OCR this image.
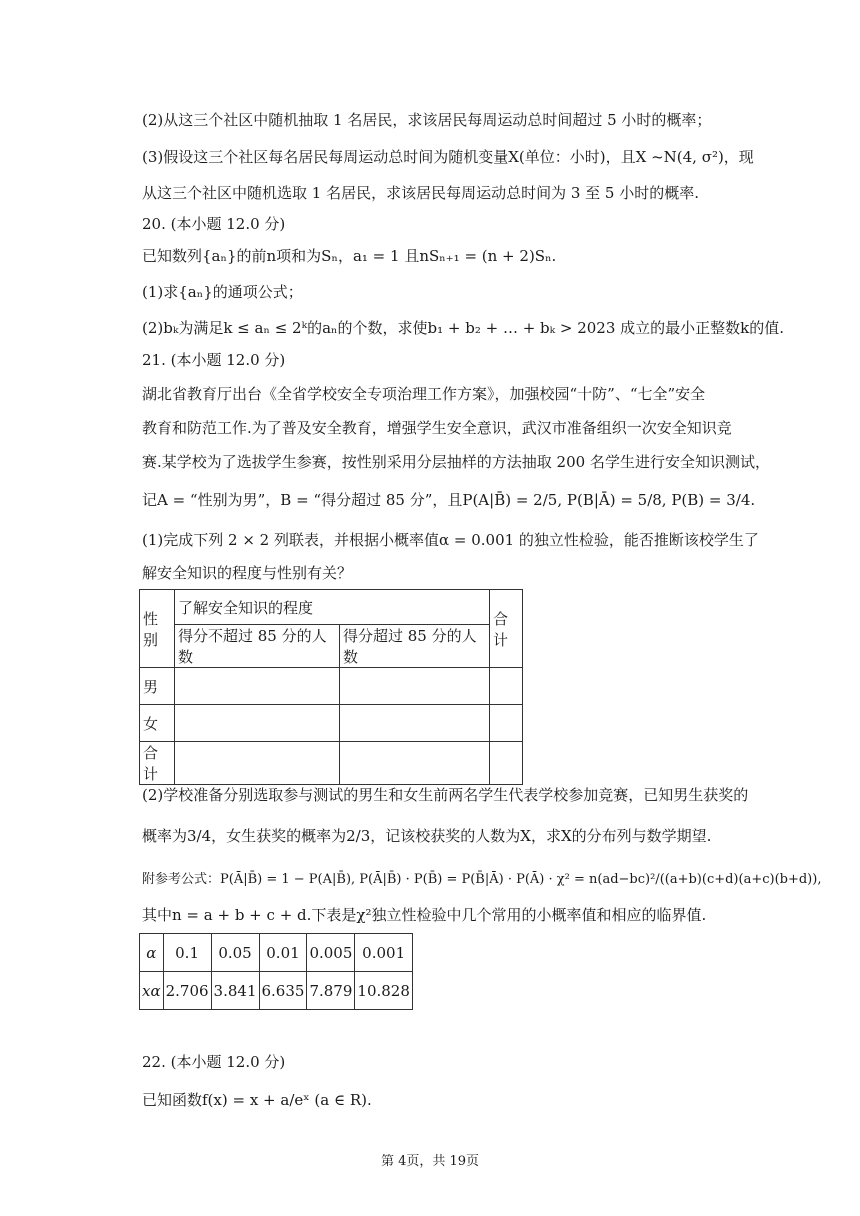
(2)从这三个社区中随机抽取 1 名居民，求该居民每周运动总时间超过 5 小时的概率；
(3)假设这三个社区每名居民每周运动总时间为随机变量X(单位：小时)，且X ~N(4, σ²)，现
从这三个社区中随机选取 1 名居民，求该居民每周运动总时间为 3 至 5 小时的概率.
20. (本小题 12.0 分)
已知数列{aₙ}的前n项和为Sₙ，a₁ = 1 且nSₙ₊₁ = (n + 2)Sₙ.
(1)求{aₙ}的通项公式；
(2)bₖ为满足k ≤ aₙ ≤ 2ᵏ的aₙ的个数，求使b₁ + b₂ + … + bₖ > 2023 成立的最小正整数k的值.
21. (本小题 12.0 分)
湖北省教育厅出台《全省学校安全专项治理工作方案》，加强校园“十防”、“七全”安全
教育和防范工作.为了普及安全教育，增强学生安全意识，武汉市准备组织一次安全知识竞
赛.某学校为了选拔学生参赛，按性别采用分层抽样的方法抽取 200 名学生进行安全知识测试，
记A = “性别为男”，B = “得分超过 85 分”，且P(A|B̄) = 2/5, P(B|Ā) = 5/8, P(B) = 3/4.
(1)完成下列 2 × 2 列联表，并根据小概率值α = 0.001 的独立性检验，能否推断该校学生了
解安全知识的程度与性别有关？
性别	了解安全知识的程度		合计
	得分不超过 85 分的人数	得分超过 85 分的人数	
男			
女			
合计			
(2)学校准备分别选取参与测试的男生和女生前两名学生代表学校参加竞赛，已知男生获奖的
概率为3/4，女生获奖的概率为2/3，记该校获奖的人数为X，求X的分布列与数学期望.
附参考公式：P(Ā|B̄) = 1 − P(A|B̄), P(Ā|B̄) · P(B̄) = P(B̄|Ā) · P(Ā) · χ² = n(ad−bc)²/((a+b)(c+d)(a+c)(b+d)),
其中n = a + b + c + d.下表是χ²独立性检验中几个常用的小概率值和相应的临界值.
α	0.1	0.05	0.01	0.005	0.001
xα	2.706	3.841	6.635	7.879	10.828
22. (本小题 12.0 分)
已知函数f(x) = x + a/eˣ (a ∈ R).
第 4页，共 19页
